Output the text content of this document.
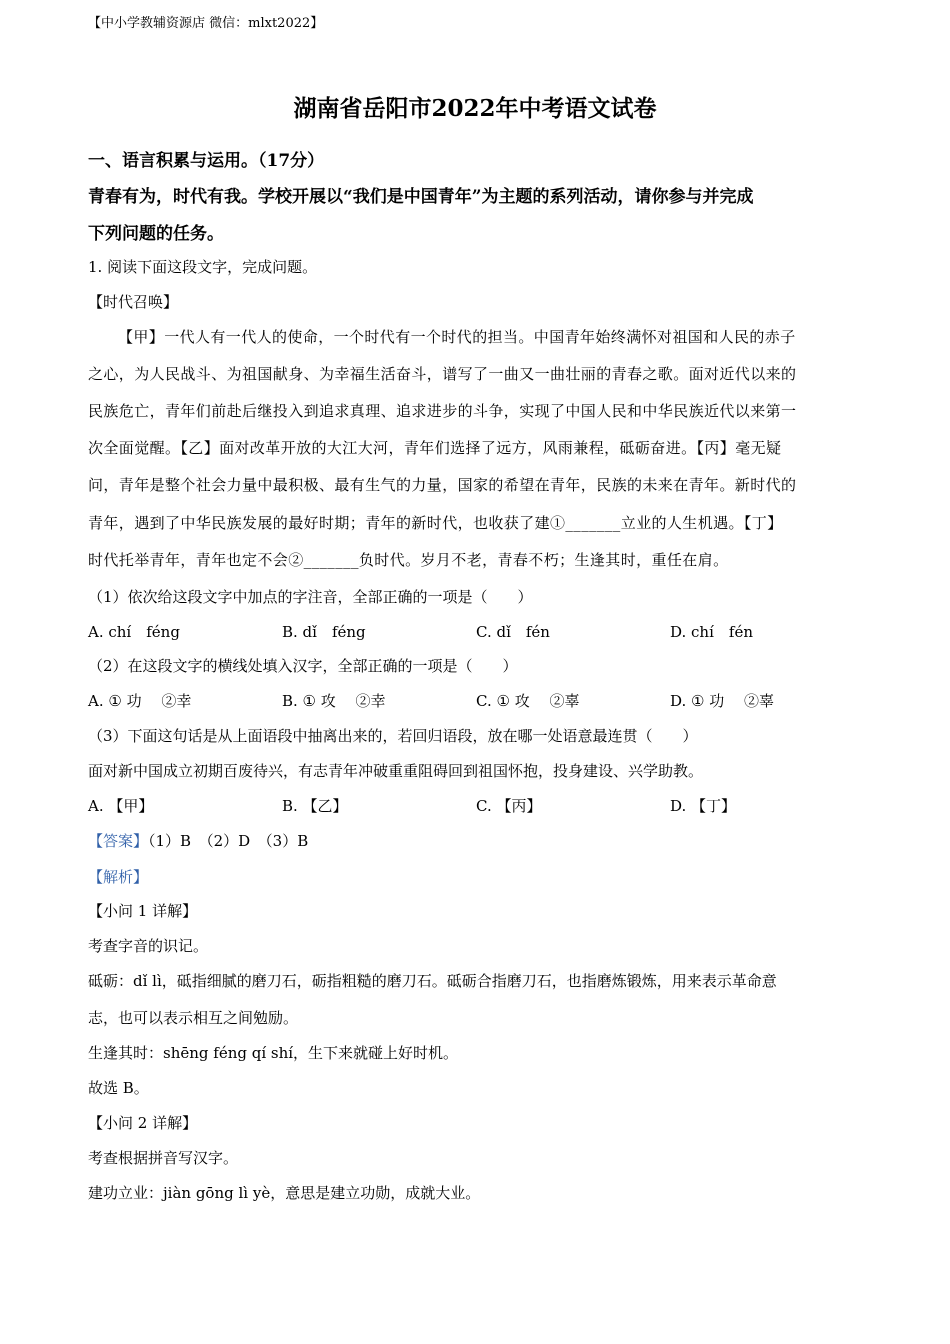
【中小学教辅资源店 微信：mlxt2022】
湖南省岳阳市2022年中考语文试卷
一、语言积累与运用。（17分）
青春有为，时代有我。学校开展以“我们是中国青年”为主题的系列活动，请你参与并完成
下列问题的任务。
1. 阅读下面这段文字，完成问题。
【时代召唤】
【甲】一代人有一代人的使命，一个时代有一个时代的担当。中国青年始终满怀对祖国和人民的赤子
之心，为人民战斗、为祖国献身、为幸福生活奋斗，谱写了一曲又一曲壮丽的青春之歌。面对近代以来的
民族危亡，青年们前赴后继投入到追求真理、追求进步的斗争，实现了中国人民和中华民族近代以来第一
次全面觉醒。【乙】面对改革开放的大江大河，青年们选择了远方，风雨兼程，砥砺奋进。【丙】毫无疑
问，青年是整个社会力量中最积极、最有生气的力量，国家的希望在青年，民族的未来在青年。新时代的
青年，遇到了中华民族发展的最好时期；青年的新时代，也收获了建①_______立业的人生机遇。【丁】
时代托举青年，青年也定不会②_______负时代。岁月不老，青春不朽；生逢其时，重任在肩。
（1）依次给这段文字中加点的字注音，全部正确的一项是（　　）
A. chí　féng	B. dǐ　féng	C. dǐ　fén	D. chí　fén
（2）在这段文字的横线处填入汉字，全部正确的一项是（　　）
A. ① 功　 ②幸	B. ① 攻　 ②幸	C. ① 攻　 ②辜	D. ① 功　 ②辜
（3）下面这句话是从上面语段中抽离出来的，若回归语段，放在哪一处语意最连贯（　　）
面对新中国成立初期百废待兴，有志青年冲破重重阻碍回到祖国怀抱，投身建设、兴学助教。
A. 【甲】	B. 【乙】	C. 【丙】	D. 【丁】
【答案】（1）B　（2）D　（3）B
【解析】
【小问 1 详解】
考查字音的识记。
砥砺：dǐ lì，砥指细腻的磨刀石，砺指粗糙的磨刀石。砥砺合指磨刀石，也指磨炼锻炼，用来表示革命意
志，也可以表示相互之间勉励。
生逢其时：shēng féng qí shí，生下来就碰上好时机。
故选 B。
【小问 2 详解】
考查根据拼音写汉字。
建功立业：jiàn gōng lì yè，意思是建立功勋，成就大业。
